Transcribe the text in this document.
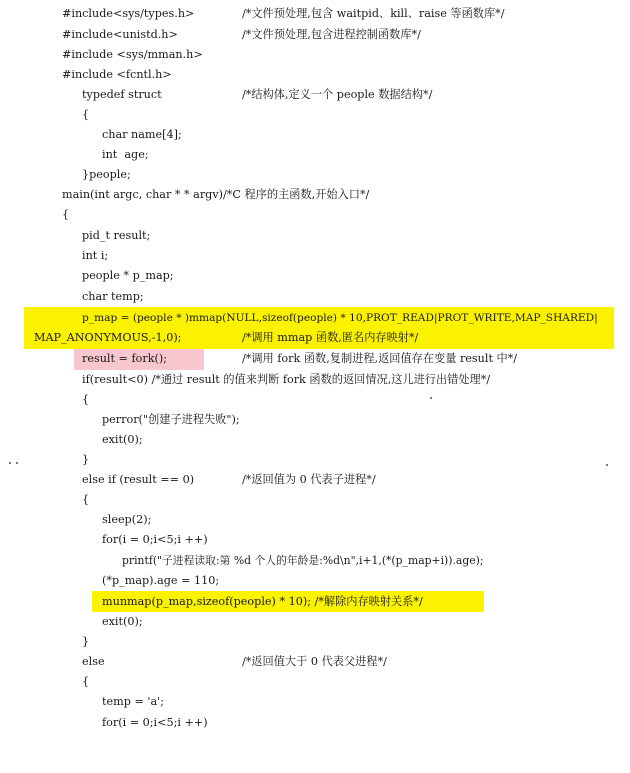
#include<sys/types.h>

	/*文件预处理,包含 waitpid、kill、raise 等函数库*/

#include<unistd.h>

	/*文件预处理,包含进程控制函数库*/

#include <sys/mman.h>

#include <fcntl.h>

typedef struct

	/*结构体,定义一个 people 数据结构*/

{

char name[4];

int  age;

}people;

main(int argc, char * * argv)/*C 程序的主函数,开始入口*/

{

pid_t result;

int i;

people * p_map;

char temp;

p_map = (people * )mmap(NULL,sizeof(people) * 10,PROT_READ|PROT_WRITE,MAP_SHARED|

MAP_ANONYMOUS,-1,0);

	/*调用 mmap 函数,匿名内存映射*/

result = fork();

	/*调用 fork 函数,复制进程,返回值存在变量 result 中*/

if(result<0) /*通过 result 的值来判断 fork 函数的返回情况,这儿进行出错处理*/

{

perror("创建子进程失败");

exit(0);

}

else if (result == 0)

	/*返回值为 0 代表子进程*/

{

sleep(2);

for(i = 0;i<5;i ++)

printf("子进程读取:第 %d 个人的年龄是:%d\n",i+1,(*(p_map+i)).age);

(*p_map).age = 110;

munmap(p_map,sizeof(people) * 10); /*解除内存映射关系*/

exit(0);

}

else

	/*返回值大于 0 代表父进程*/

{

temp = 'a';

for(i = 0;i<5;i ++)
